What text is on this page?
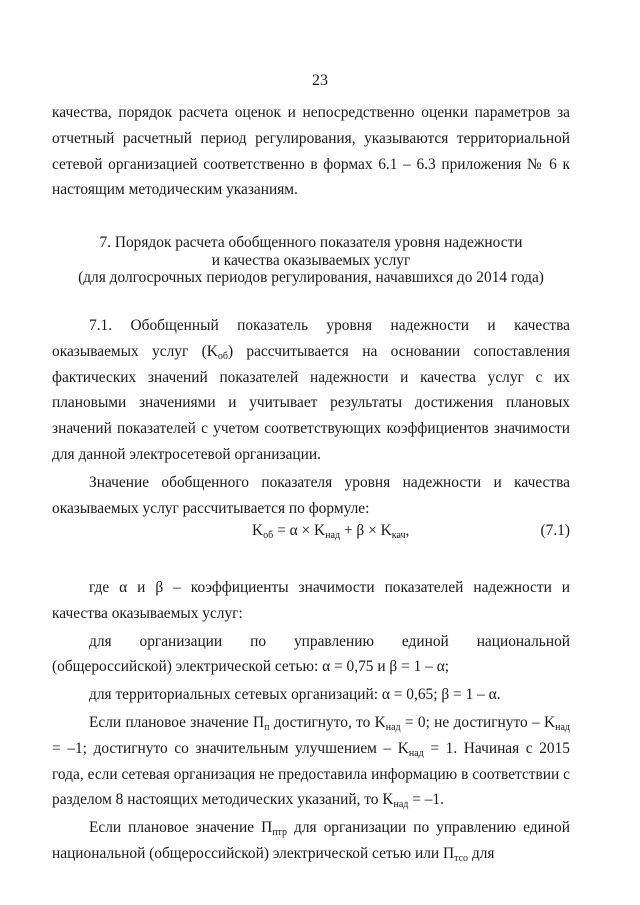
23

качества, порядок расчета оценок и непосредственно оценки параметров за отчетный расчетный период регулирования, указываются территориальной сетевой организацией соответственно в формах 6.1 – 6.3 приложения № 6 к настоящим методическим указаниям.

7. Порядок расчета обобщенного показателя уровня надежности
и качества оказываемых услуг
(для долгосрочных периодов регулирования, начавшихся до 2014 года)

7.1. Обобщенный показатель уровня надежности и качества оказываемых услуг $(K_{об})$ рассчитывается на основании сопоставления фактических значений показателей надежности и качества услуг с их плановыми значениями и учитывает результаты достижения плановых значений показателей с учетом соответствующих коэффициентов значимости для данной электросетевой организации.

Значение обобщенного показателя уровня надежности и качества оказываемых услуг рассчитывается по формуле:

$K_{об} = \alpha \times K_{над} + \beta \times K_{кач}$,	(7.1)

где α и β – коэффициенты значимости показателей надежности и качества оказываемых услуг:

для организации по управлению единой национальной (общероссийской) электрической сетью: α = 0,75 и β = 1 – α;

для территориальных сетевых организаций: α = 0,65; β = 1 – α.

Если плановое значение $П_п$ достигнуто, то $K_{над} = 0$; не достигнуто – $K_{над} = -1$; достигнуто со значительным улучшением – $K_{над} = 1$. Начиная с 2015 года, если сетевая организация не предоставила информацию в соответствии с разделом 8 настоящих методических указаний, то $K_{над} = -1$.

Если плановое значение $П_{птр}$ для организации по управлению единой национальной (общероссийской) электрической сетью или $П_{тсо}$ для
